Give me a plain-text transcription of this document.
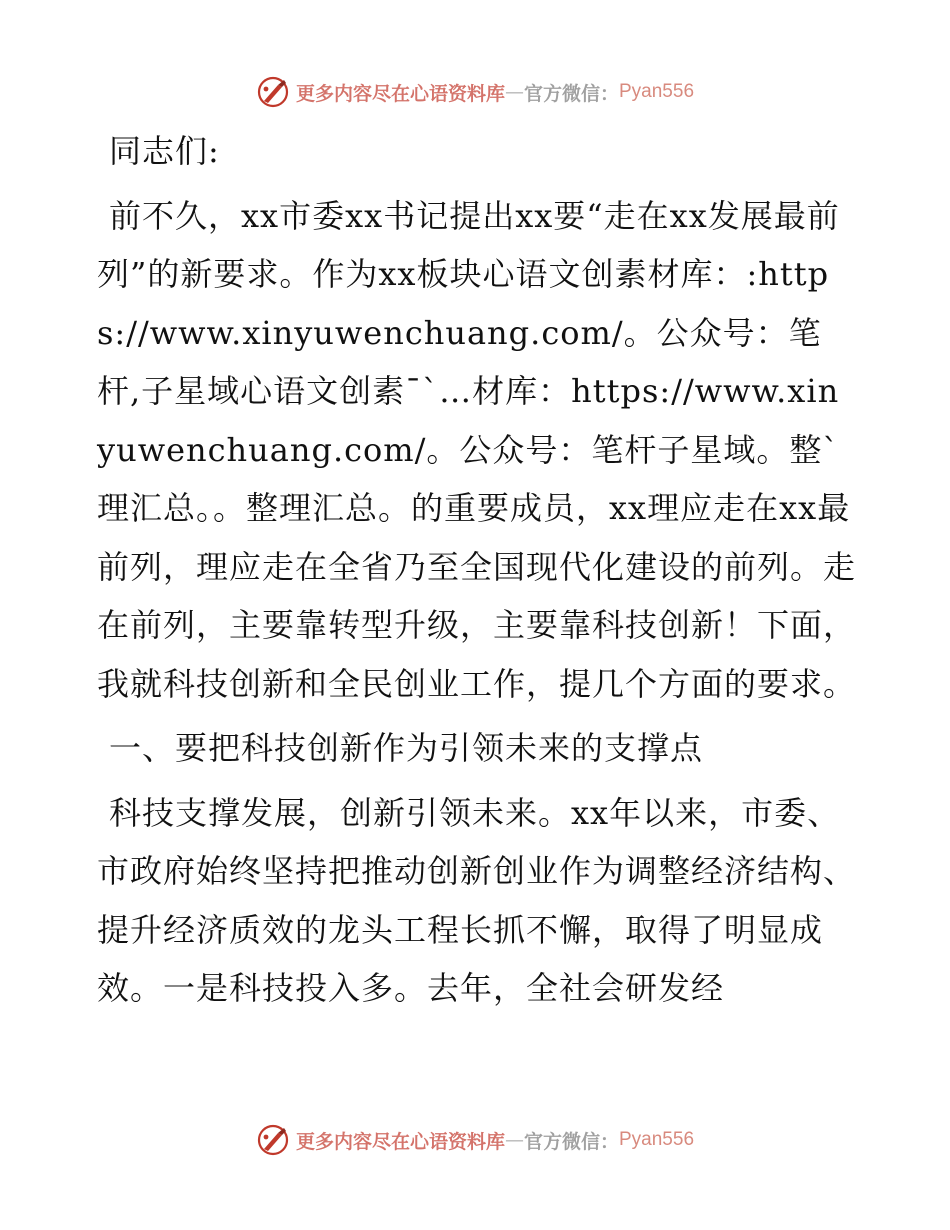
更多内容尽在心语资料库 — 官方微信： Pyan556

同志们:

前不久，xx市委xx书记提出xx要“走在xx发展最前列”的新要求。作为xx板块心语文创素材库：:https://www.xinyuwenchuang.com/。公众号：笔杆,子星域心语文创素¯ˋ…材库：https://www.xinyuwenchuang.com/。公众号：笔杆子星域。整ˋ理汇总。。整理汇总。的重要成员，xx理应走在xx最前列，理应走在全省乃至全国现代化建设的前列。走在前列，主要靠转型升级，主要靠科技创新！下面，我就科技创新和全民创业工作，提几个方面的要求。

一、要把科技创新作为引领未来的支撑点

科技支撑发展，创新引领未来。xx年以来，市委、市政府始终坚持把推动创新创业作为调整经济结构、提升经济质效的龙头工程长抓不懈，取得了明显成效。一是科技投入多。去年，全社会研发经

更多内容尽在心语资料库 — 官方微信： Pyan556
